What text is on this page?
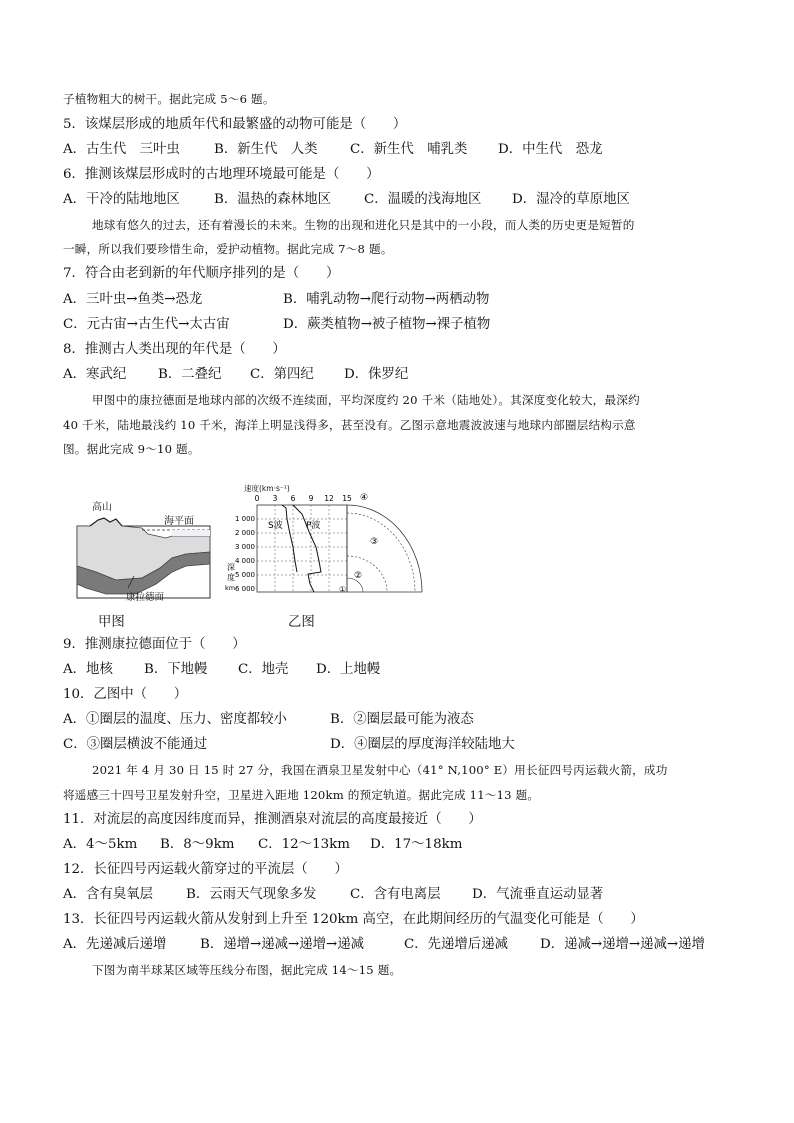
子植物粗大的树干。据此完成 5～6 题。
5．该煤层形成的地质年代和最繁盛的动物可能是（　　）
A．古生代　三叶虫	B．新生代　人类 C．新生代　哺乳类 D．中生代　恐龙
6．推测该煤层形成时的古地理环境最可能是（　　）
A．干冷的陆地地区	B．温热的森林地区 C．温暖的浅海地区 D．湿冷的草原地区
地球有悠久的过去，还有着漫长的未来。生物的出现和进化只是其中的一小段，而人类的历史更是短暂的
一瞬，所以我们要珍惜生命，爱护动植物。据此完成 7～8 题。
7．符合由老到新的年代顺序排列的是（　　）
A．三叶虫→鱼类→恐龙	B．哺乳动物→爬行动物→两栖动物
C．元古宙→古生代→太古宙	D．蕨类植物→被子植物→裸子植物
8．推测古人类出现的年代是（　　）
A．寒武纪 B．二叠纪 C．第四纪 D．侏罗纪
甲图中的康拉德面是地球内部的次级不连续面，平均深度约 20 千米（陆地处）。其深度变化较大，最深约
40 千米，陆地最浅约 10 千米，海洋上明显浅得多，甚至没有。乙图示意地震波波速与地球内部圈层结构示意
图。据此完成 9～10 题。
高山
海平面
康拉德面
甲图
速度(km·s⁻¹)
0 3 6 9 12 15
1 000
2 000
3 000
4 000
5 000
6 000
深
度
km
S波	P波
④
③
②
①
乙图
9．推测康拉德面位于（　　）
A．地核 B．下地幔 C．地壳 D．上地幔
10．乙图中（　　）
A．①圈层的温度、压力、密度都较小	B．②圈层最可能为液态
C．③圈层横波不能通过	D．④圈层的厚度海洋较陆地大
2021 年 4 月 30 日 15 时 27 分，我国在酒泉卫星发射中心（41° N,100° E）用长征四号丙运载火箭，成功
将遥感三十四号卫星发射升空，卫星进入距地 120km 的预定轨道。据此完成 11～13 题。
11．对流层的高度因纬度而异，推测酒泉对流层的高度最接近（　　）
A．4～5km B．8～9km C．12～13km D．17～18km
12．长征四号丙运载火箭穿过的平流层（　　）
A．含有臭氧层 B．云雨天气现象多发	C．含有电离层 D．气流垂直运动显著
13．长征四号丙运载火箭从发射到上升至 120km 高空，在此期间经历的气温变化可能是（　　）
A．先递减后递增	B．递增→递减→递增→递减	C．先递增后递减 D．递减→递增→递减→递增
下图为南半球某区域等压线分布图，据此完成 14～15 题。
